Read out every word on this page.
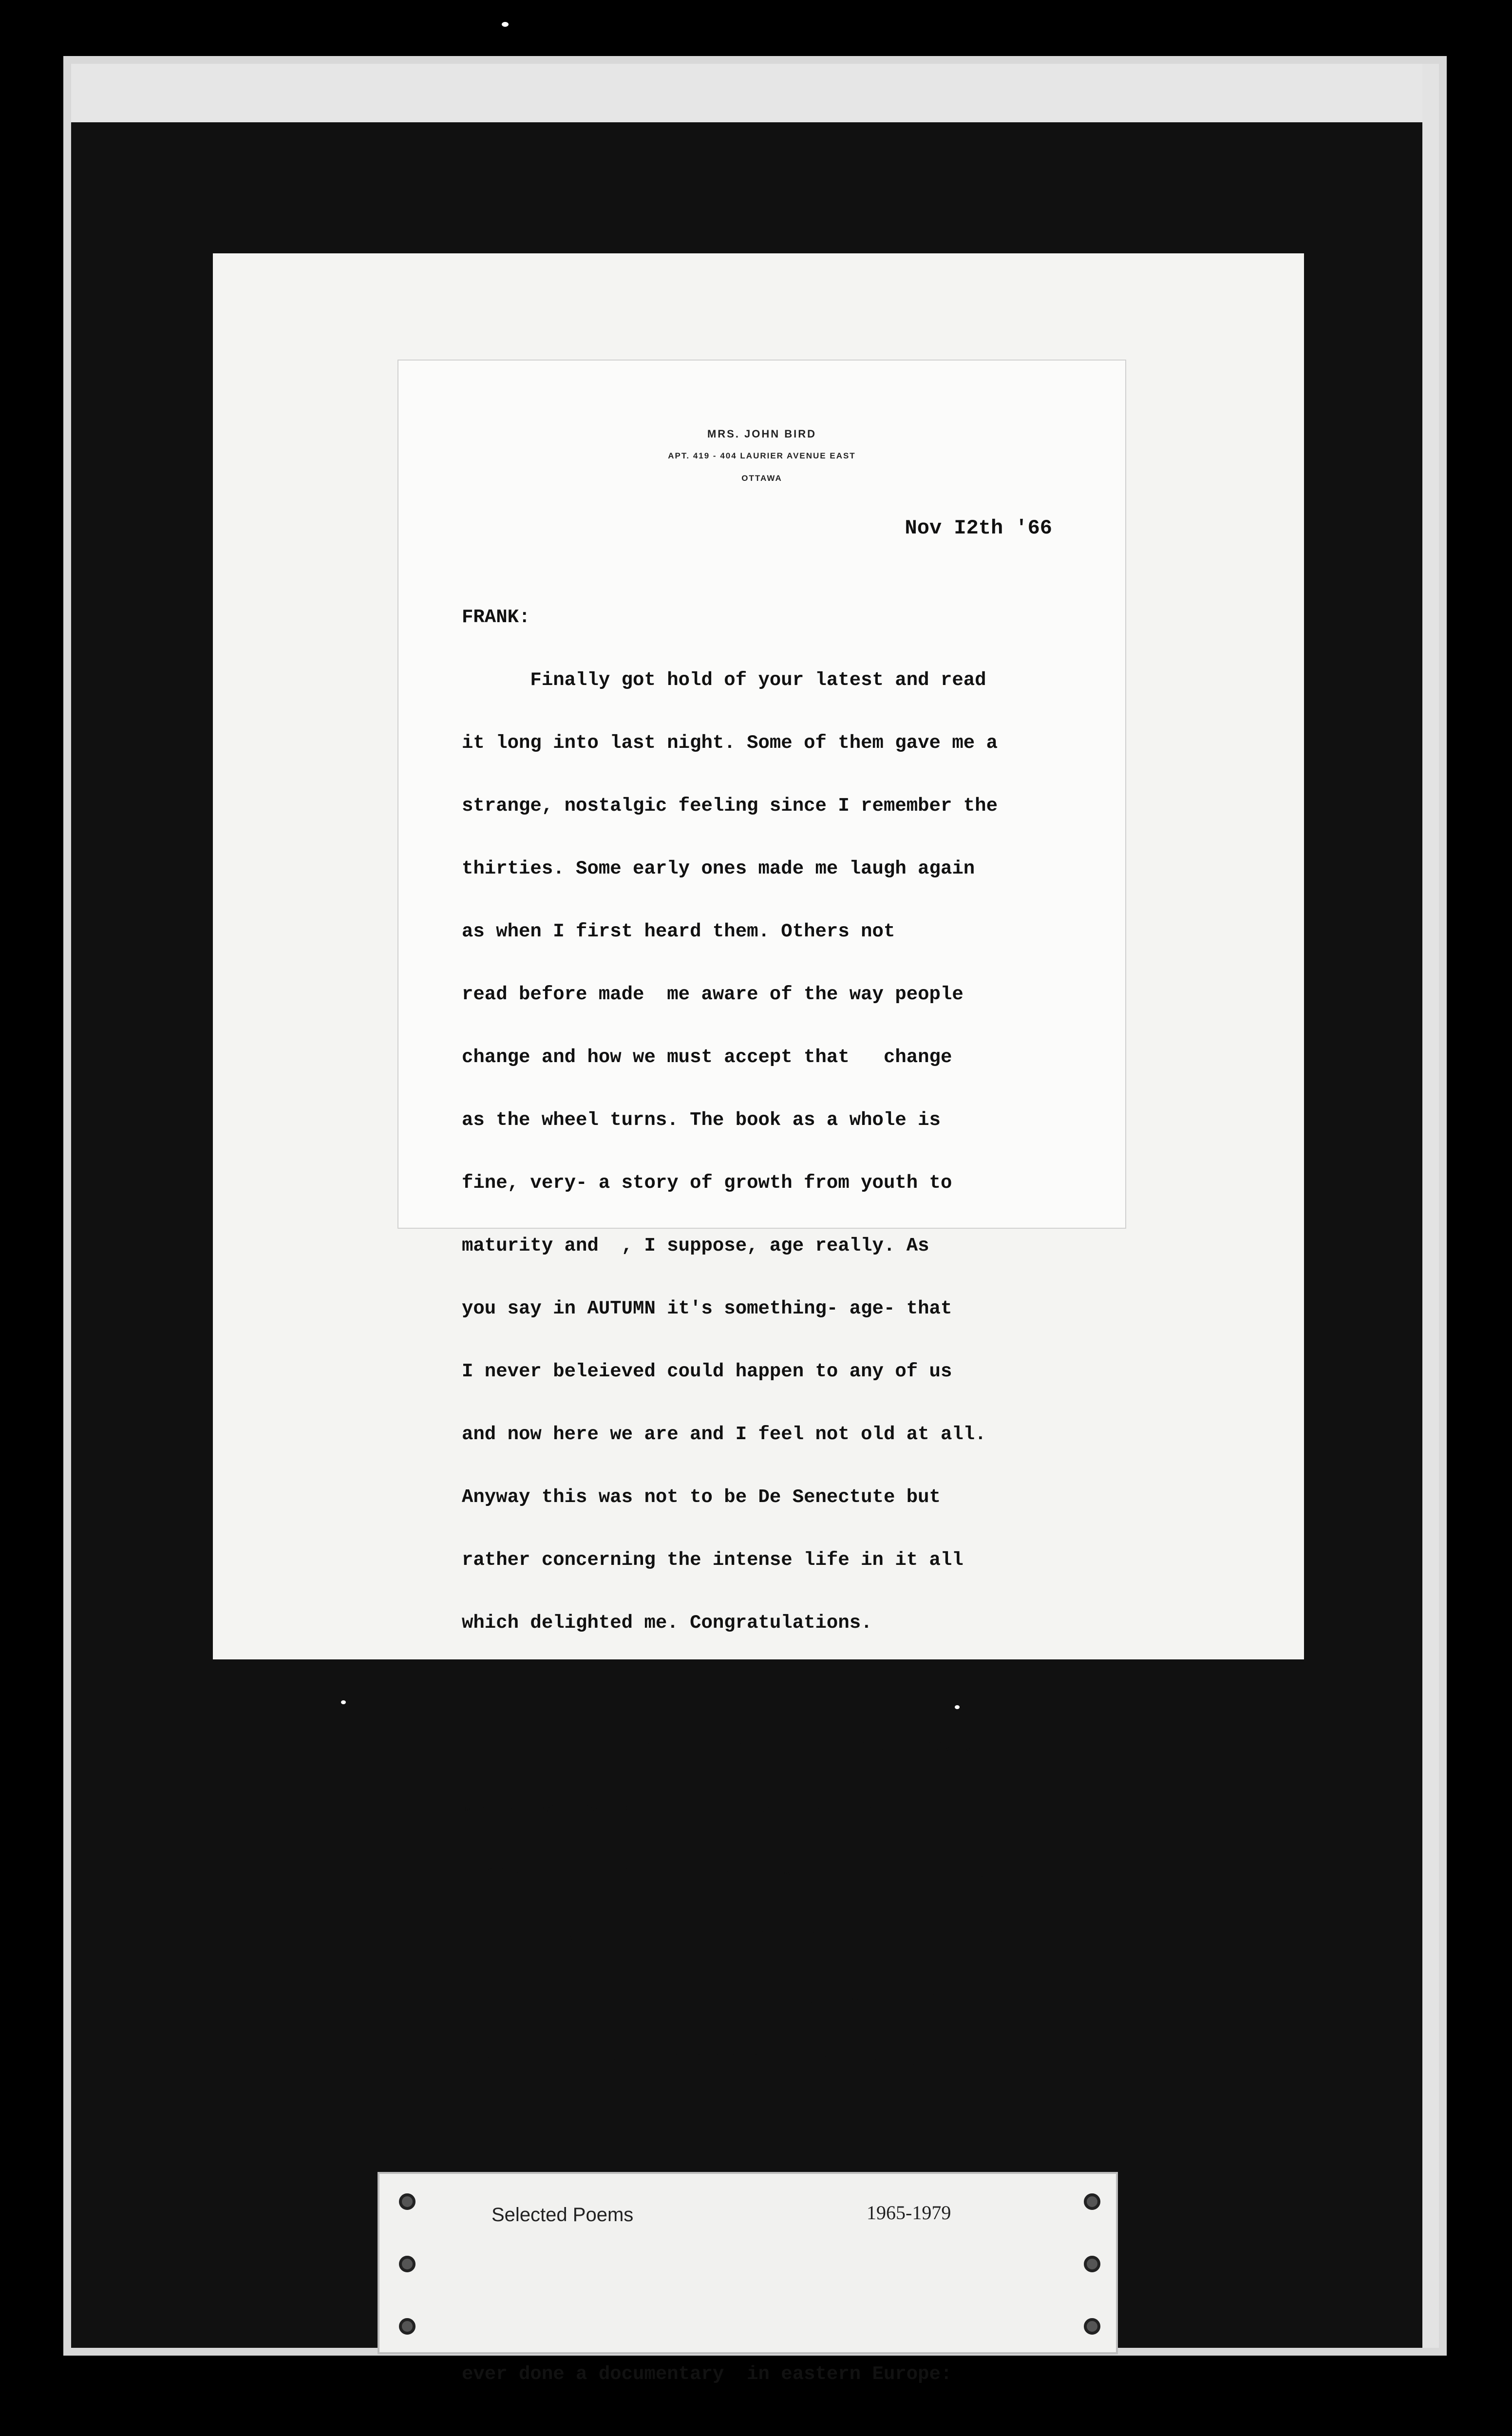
MRS. JOHN BIRD
APT. 419 - 404 LAURIER AVENUE EAST
OTTAWA
Nov I2th '66

FRANK:

Finally got hold of your latest and read

it long into last night. Some of them gave me a

strange, nostalgic feeling since I remember the

thirties. Some early ones made me laugh again

as when I first heard them. Others not

read before made  me aware of the way people

change and how we must accept that   change

as the wheel turns. The book as a whole is

fine, very- a story of growth from youth to

maturity and  , I suppose, age really. As

you say in AUTUMN it's something- age- that

I never beleieved could happen to any of us

and now here we are and I feel not old at all.

Anyway this was not to be De Senectute but

rather concerning the intense life in it all

which delighted me. Congratulations.

Please come and autograph it. Come manyway.

We enjoyed your too brief visitation last

summer and regretted that   we did not succeed

inducing you to the Frogpond  so near, so clear,

so cool, so quiet. It is closed now for the

winter but I keep ######## thinking about it.

ever done a documentary  in eastern Europe:

Selected Poems	1965-1979
